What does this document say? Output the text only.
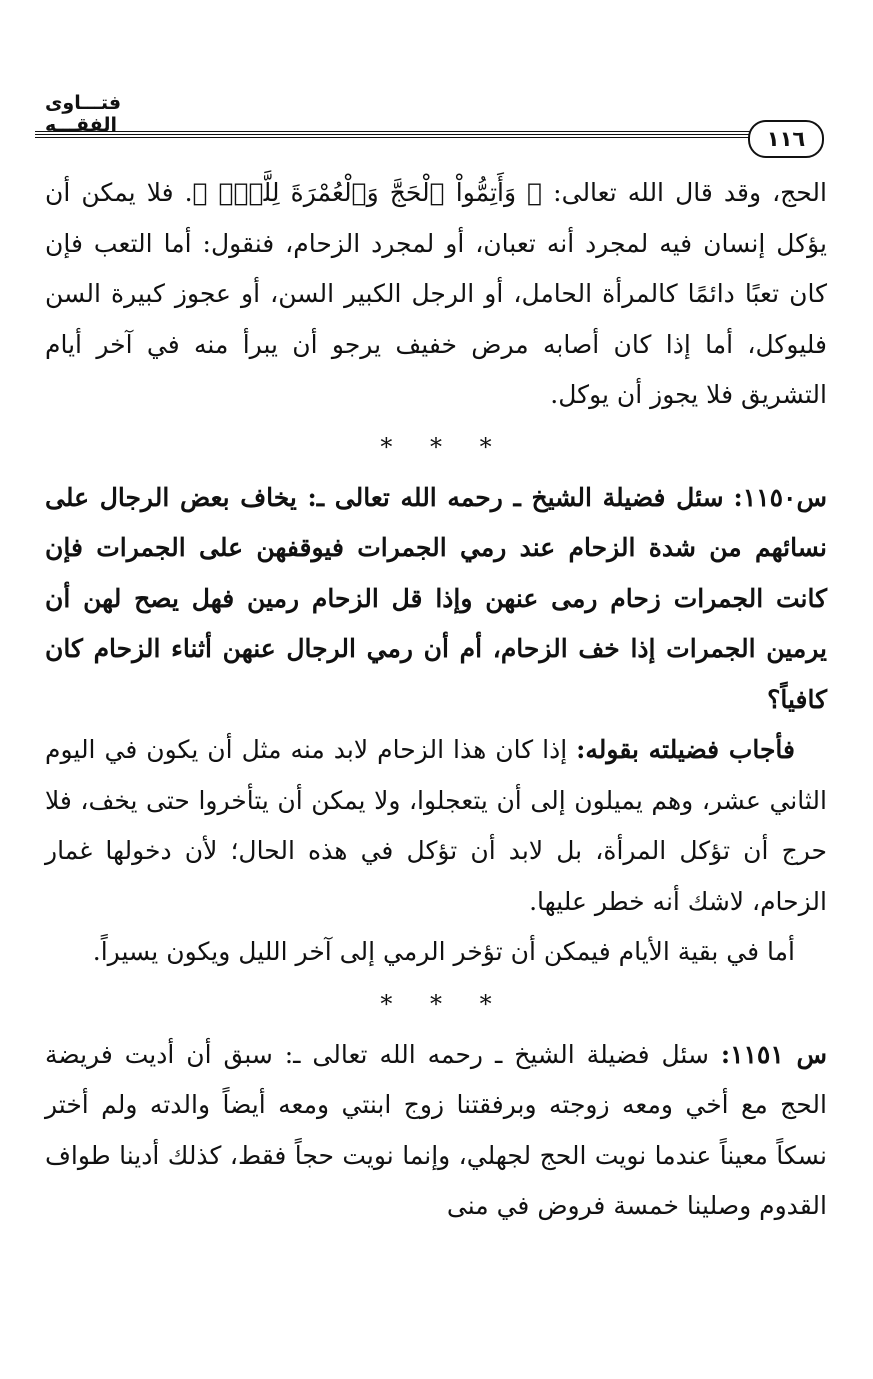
فتـــاوى الفقـــه
١١٦

الحج، وقد قال الله تعالى: ﴿ وَأَتِمُّواْ ٱلْحَجَّ وَٱلْعُمْرَةَ لِلَّهِۚ ﴾. فلا يمكن أن يؤكل إنسان فيه لمجرد أنه تعبان، أو لمجرد الزحام، فنقول: أما التعب فإن كان تعبًا دائمًا كالمرأة الحامل، أو الرجل الكبير السن، أو عجوز كبيرة السن فليوكل، أما إذا كان أصابه مرض خفيف يرجو أن يبرأ منه في آخر أيام التشريق فلا يجوز أن يوكل.

* * *

س١١٥٠: سئل فضيلة الشيخ ـ رحمه الله تعالى ـ: يخاف بعض الرجال على نسائهم من شدة الزحام عند رمي الجمرات فيوقفهن على الجمرات فإن كانت الجمرات زحام رمى عنهن وإذا قل الزحام رمين فهل يصح لهن أن يرمين الجمرات إذا خف الزحام، أم أن رمي الرجال عنهن أثناء الزحام كان كافياً؟

فأجاب فضيلته بقوله: إذا كان هذا الزحام لابد منه مثل أن يكون في اليوم الثاني عشر، وهم يميلون إلى أن يتعجلوا، ولا يمكن أن يتأخروا حتى يخف، فلا حرج أن تؤكل المرأة، بل لابد أن تؤكل في هذه الحال؛ لأن دخولها غمار الزحام، لاشك أنه خطر عليها.

أما في بقية الأيام فيمكن أن تؤخر الرمي إلى آخر الليل ويكون يسيراً.

* * *

س ١١٥١: سئل فضيلة الشيخ ـ رحمه الله تعالى ـ: سبق أن أديت فريضة الحج مع أخي ومعه زوجته وبرفقتنا زوج ابنتي ومعه أيضاً والدته ولم أختر نسكاً معيناً عندما نويت الحج لجهلي، وإنما نويت حجاً فقط، كذلك أدينا طواف القدوم وصلينا خمسة فروض في منى
